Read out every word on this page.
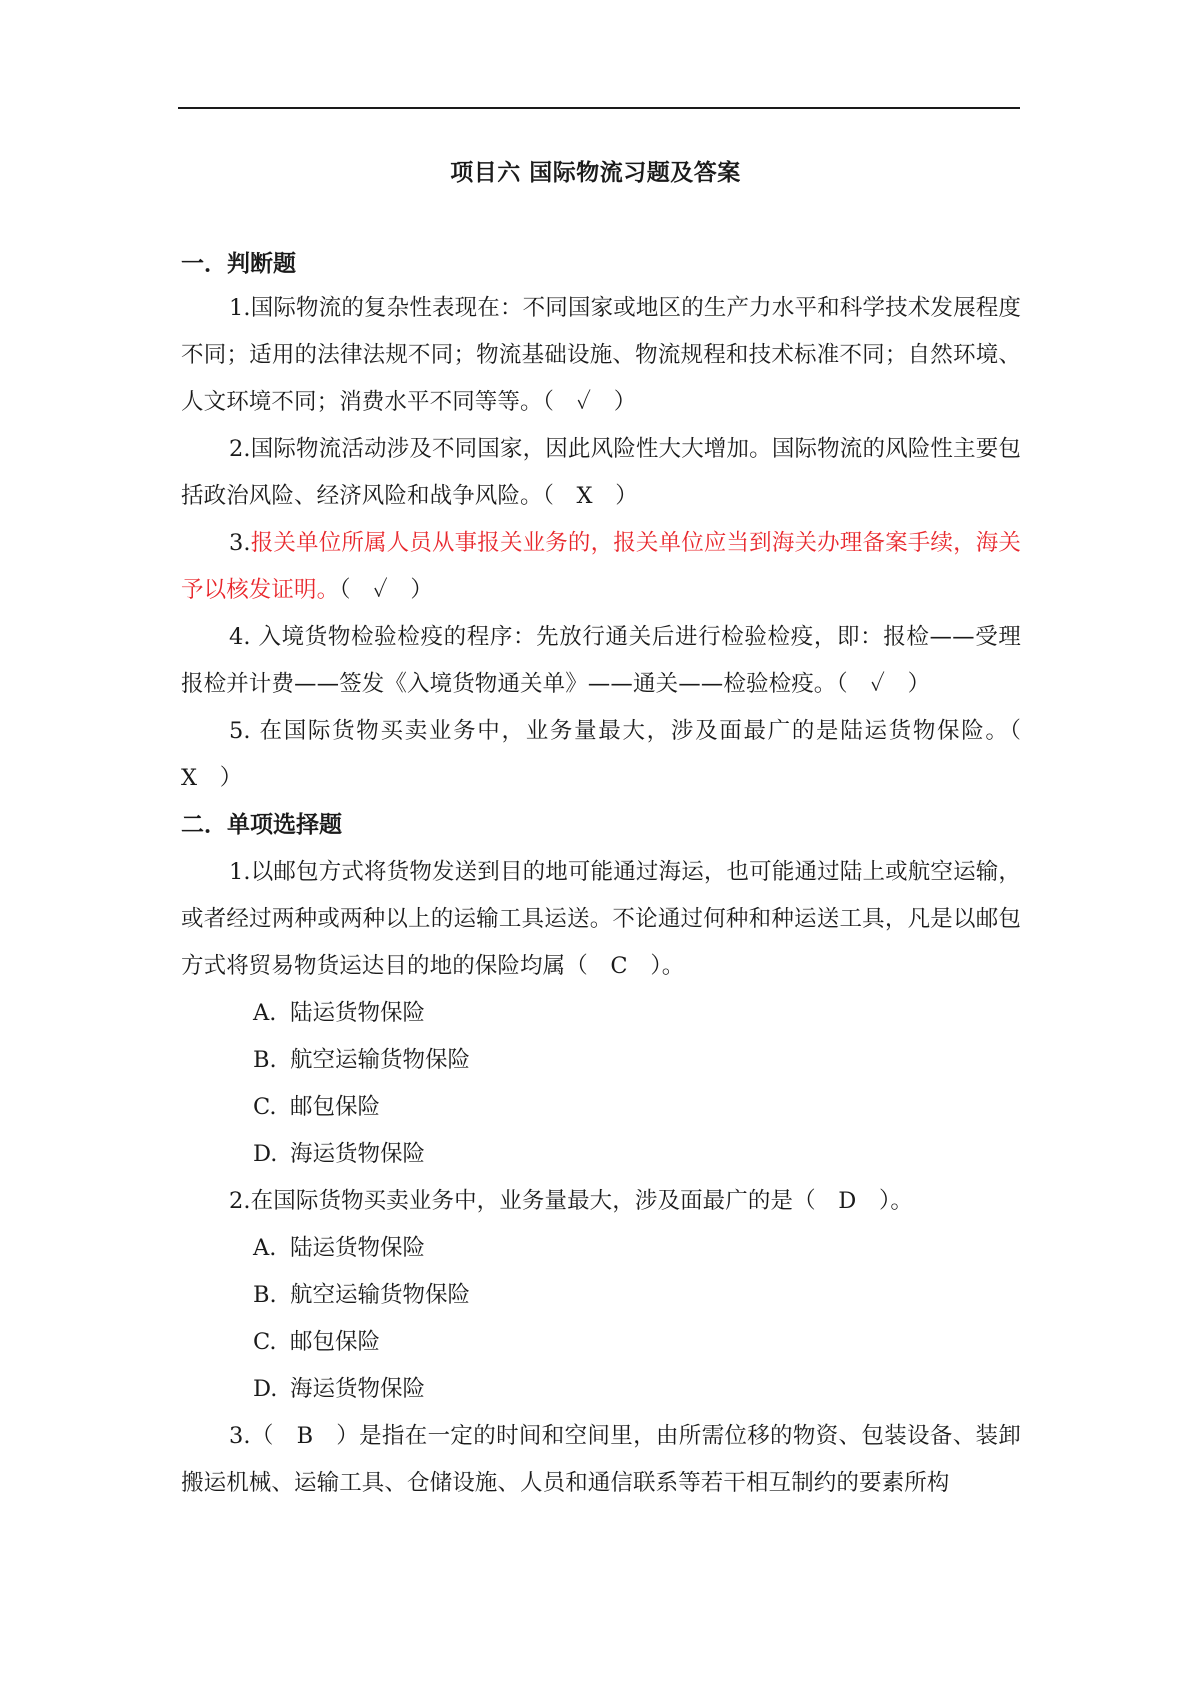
项目六 国际物流习题及答案
一．判断题
1.国际物流的复杂性表现在：不同国家或地区的生产力水平和科学技术发展程度不同；适用的法律法规不同；物流基础设施、物流规程和技术标准不同；自然环境、人文环境不同；消费水平不同等等。（　✓　）
2.国际物流活动涉及不同国家，因此风险性大大增加。国际物流的风险性主要包括政治风险、经济风险和战争风险。（　X　）
3.报关单位所属人员从事报关业务的，报关单位应当到海关办理备案手续，海关予以核发证明。（　✓　）
4. 入境货物检验检疫的程序：先放行通关后进行检验检疫，即：报检——受理报检并计费——签发《入境货物通关单》——通关——检验检疫。（　✓　）
5. 在国际货物买卖业务中，业务量最大，涉及面最广的是陆运货物保险。（　X　）
二．单项选择题
1.以邮包方式将货物发送到目的地可能通过海运，也可能通过陆上或航空运输，或者经过两种或两种以上的运输工具运送。不论通过何种和种运送工具，凡是以邮包方式将贸易物货运达目的地的保险均属（　C　）。
A. 陆运货物保险
B. 航空运输货物保险
C. 邮包保险
D. 海运货物保险
2.在国际货物买卖业务中，业务量最大，涉及面最广的是（　D　）。
A. 陆运货物保险
B. 航空运输货物保险
C. 邮包保险
D. 海运货物保险
3.（　B　）是指在一定的时间和空间里，由所需位移的物资、包装设备、装卸搬运机械、运输工具、仓储设施、人员和通信联系等若干相互制约的要素所构
